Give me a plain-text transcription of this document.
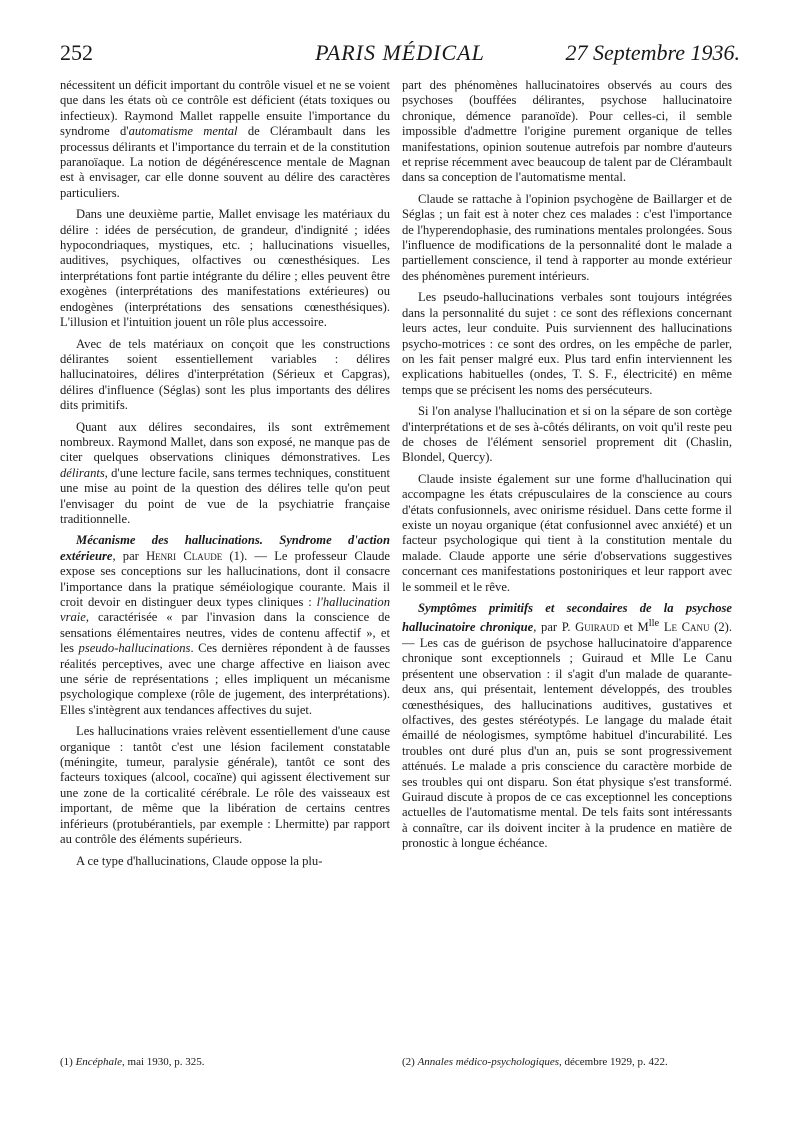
252	PARIS MÉDICAL	27 Septembre 1936.

nécessitent un déficit important du contrôle visuel et ne se voient que dans les états où ce contrôle est déficient (états toxiques ou infectieux). Raymond Mallet rappelle ensuite l'importance du syndrome d'automatisme mental de Clérambault dans les processus délirants et l'importance du terrain et de la constitution paranoïaque. La notion de dégénérescence mentale de Magnan est à envisager, car elle donne souvent au délire des caractères particuliers.

Dans une deuxième partie, Mallet envisage les matériaux du délire : idées de persécution, de grandeur, d'indignité ; idées hypocondriaques, mystiques, etc. ; hallucinations visuelles, auditives, psychiques, olfactives ou cœnesthésiques. Les interprétations font partie intégrante du délire ; elles peuvent être exogènes (interprétations des manifestations extérieures) ou endogènes (interprétations des sensations cœnesthésiques). L'illusion et l'intuition jouent un rôle plus accessoire.

Avec de tels matériaux on conçoit que les constructions délirantes soient essentiellement variables : délires hallucinatoires, délires d'interprétation (Sérieux et Capgras), délires d'influence (Séglas) sont les plus importants des délires dits primitifs.

Quant aux délires secondaires, ils sont extrêmement nombreux. Raymond Mallet, dans son exposé, ne manque pas de citer quelques observations cliniques démonstratives. Les délirants, d'une lecture facile, sans termes techniques, constituent une mise au point de la question des délires telle qu'on peut l'envisager du point de vue de la psychiatrie française traditionnelle.

Mécanisme des hallucinations. Syndrome d'action extérieure, par Henri Claude (1). — Le professeur Claude expose ses conceptions sur les hallucinations, dont il consacre l'importance dans la pratique séméiologique courante. Mais il croit devoir en distinguer deux types cliniques : l'hallucination vraie, caractérisée « par l'invasion dans la conscience de sensations élémentaires neutres, vides de contenu affectif », et les pseudo-hallucinations. Ces dernières répondent à de fausses réalités perceptives, avec une charge affective en liaison avec une série de représentations ; elles impliquent un mécanisme psychologique complexe (rôle de jugement, des interprétations). Elles s'intègrent aux tendances affectives du sujet.

Les hallucinations vraies relèvent essentiellement d'une cause organique : tantôt c'est une lésion facilement constatable (méningite, tumeur, paralysie générale), tantôt ce sont des facteurs toxiques (alcool, cocaïne) qui agissent électivement sur une zone de la corticalité cérébrale. Le rôle des vaisseaux est important, de même que la libération de certains centres inférieurs (protubérantiels, par exemple : Lhermitte) par rapport au contrôle des éléments supérieurs.

A ce type d'hallucinations, Claude oppose la plu-

part des phénomènes hallucinatoires observés au cours des psychoses (bouffées délirantes, psychose hallucinatoire chronique, démence paranoïde). Pour celles-ci, il semble impossible d'admettre l'origine purement organique de telles manifestations, opinion soutenue autrefois par nombre d'auteurs et reprise récemment avec beaucoup de talent par de Clérambault dans sa conception de l'automatisme mental.

Claude se rattache à l'opinion psychogène de Baillarger et de Séglas ; un fait est à noter chez ces malades : c'est l'importance de l'hyperendophasie, des ruminations mentales prolongées. Sous l'influence de modifications de la personnalité dont le malade a partiellement conscience, il tend à rapporter au monde extérieur des phénomènes purement intérieurs.

Les pseudo-hallucinations verbales sont toujours intégrées dans la personnalité du sujet : ce sont des réflexions concernant leurs actes, leur conduite. Puis surviennent des hallucinations psycho-motrices : ce sont des ordres, on les empêche de parler, on les fait penser malgré eux. Plus tard enfin interviennent les explications habituelles (ondes, T. S. F., électricité) en même temps que se précisent les noms des persécuteurs.

Si l'on analyse l'hallucination et si on la sépare de son cortège d'interprétations et de ses à-côtés délirants, on voit qu'il reste peu de choses de l'élément sensoriel proprement dit (Chaslin, Blondel, Quercy).

Claude insiste également sur une forme d'hallucination qui accompagne les états crépusculaires de la conscience au cours d'états confusionnels, avec onirisme résiduel. Dans cette forme il existe un noyau organique (état confusionnel avec anxiété) et un facteur psychologique qui tient à la constitution mentale du malade. Claude apporte une série d'observations suggestives concernant ces manifestations postoniriques et leur rapport avec le sommeil et le rêve.

Symptômes primitifs et secondaires de la psychose hallucinatoire chronique, par P. Guiraud et $M^{lle}$ Le Canu (2). — Les cas de guérison de psychose hallucinatoire d'apparence chronique sont exceptionnels ; Guiraud et Mlle Le Canu présentent une observation : il s'agit d'un malade de quarante-deux ans, qui présentait, lentement développés, des troubles cœnesthésiques, des hallucinations auditives, gustatives et olfactives, des gestes stéréotypés. Le langage du malade était émaillé de néologismes, symptôme habituel d'incurabilité. Les troubles ont duré plus d'un an, puis se sont progressivement atténués. Le malade a pris conscience du caractère morbide de ses troubles qui ont disparu. Son état physique s'est transformé. Guiraud discute à propos de ce cas exceptionnel les conceptions actuelles de l'automatisme mental. De tels faits sont intéressants à connaître, car ils doivent inciter à la prudence en matière de pronostic à longue échéance.

(1) Encéphale, mai 1930, p. 325.	(2) Annales médico-psychologiques, décembre 1929, p. 422.
